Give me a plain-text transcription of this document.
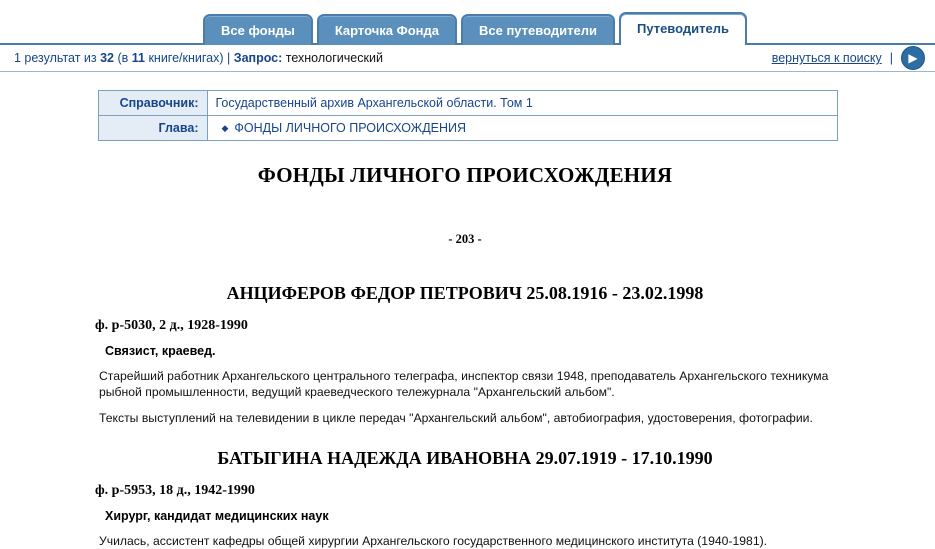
Все фонды	Карточка Фонда	Все путеводители	Путеводитель
1 результат из 32 (в 11 книге/книгах) | Запрос: технологический	вернуться к поиску |	▶
Справочник:	Государственный архив Архангельской области. Том 1
Глава:	◆ ФОНДЫ ЛИЧНОГО ПРОИСХОЖДЕНИЯ
ФОНДЫ ЛИЧНОГО ПРОИСХОЖДЕНИЯ
- 203 -
АНЦИФЕРОВ ФЕДОР ПЕТРОВИЧ 25.08.1916 - 23.02.1998
ф. р-5030, 2 д., 1928-1990
Связист, краевед.
Старейший работник Архангельского центрального телеграфа, инспектор связи 1948, преподаватель Архангельского техникума рыбной промышленности, ведущий краеведческого тележурнала "Архангельский альбом".
Тексты выступлений на телевидении в цикле передач "Архангельский альбом", автобиография, удостоверения, фотографии.
БАТЫГИНА НАДЕЖДА ИВАНОВНА 29.07.1919 - 17.10.1990
ф. р-5953, 18 д., 1942-1990
Хирург, кандидат медицинских наук
Училась, ассистент кафедры общей хирургии Архангельского государственного медицинского института (1940-1981).
